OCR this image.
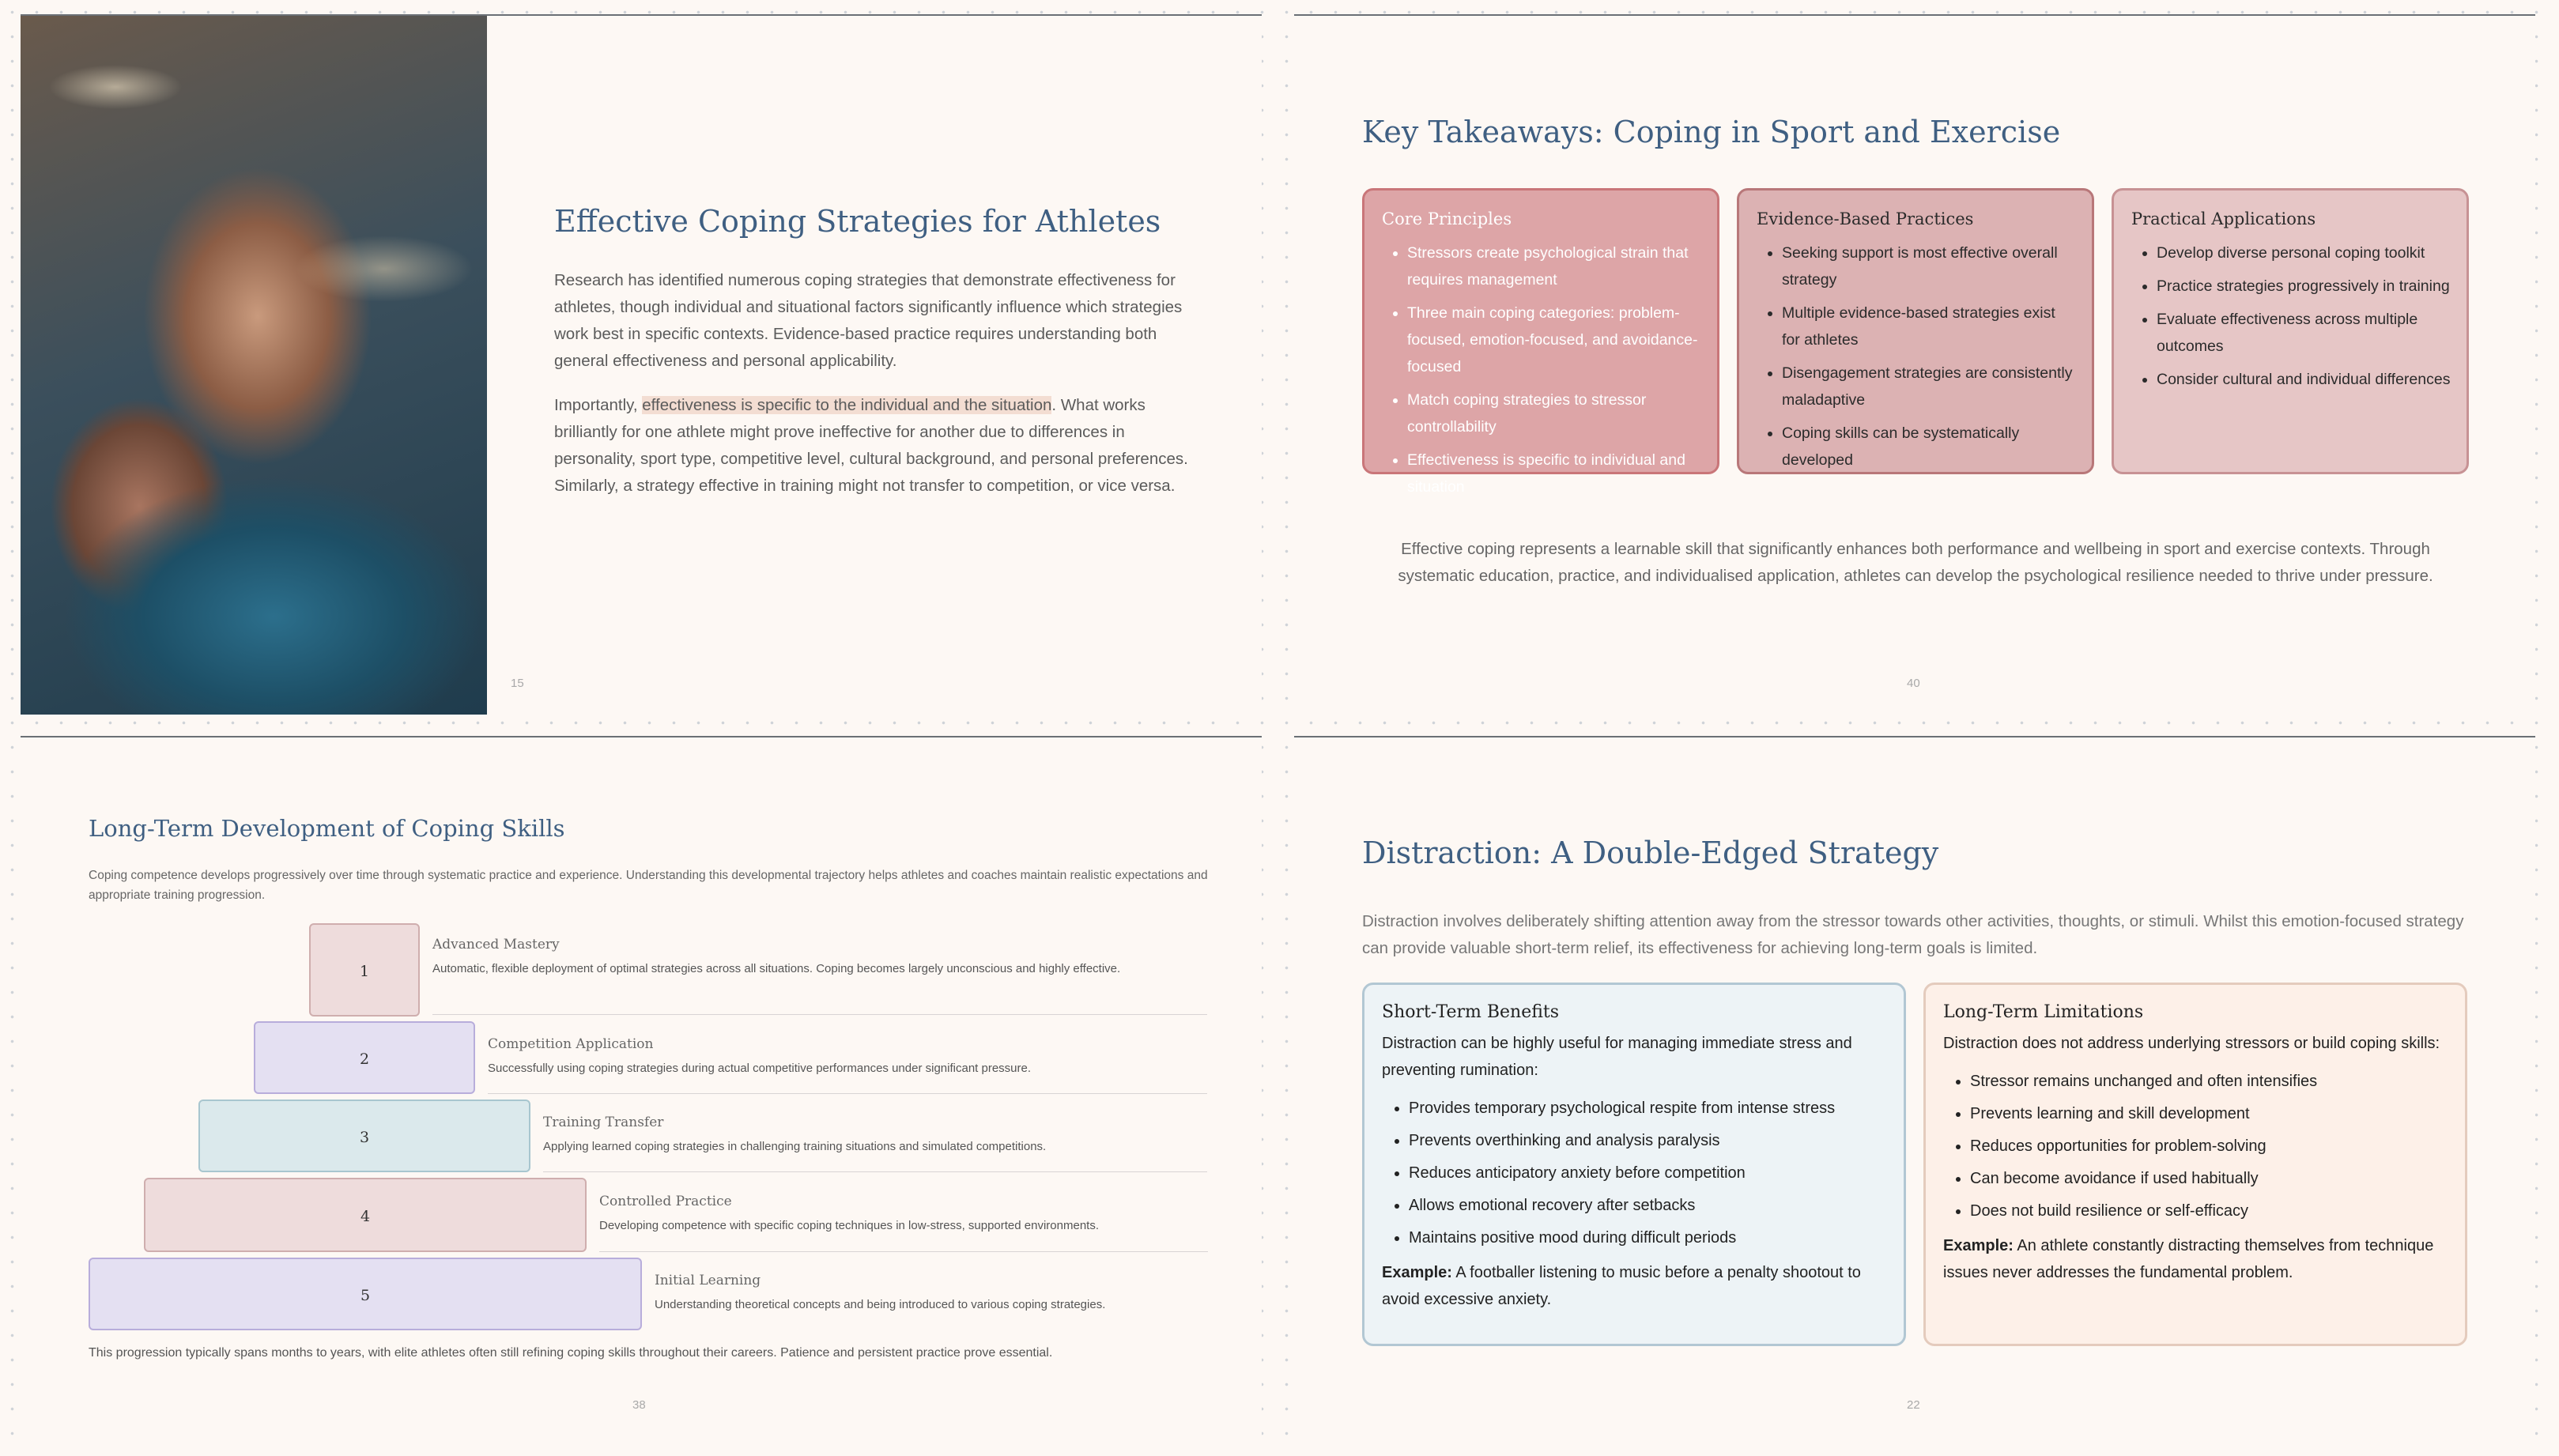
Effective Coping Strategies for Athletes

Research has identified numerous coping strategies that demonstrate effectiveness for athletes, though individual and situational factors significantly influence which strategies work best in specific contexts. Evidence-based practice requires understanding both general effectiveness and personal applicability.

Importantly, effectiveness is specific to the individual and the situation. What works brilliantly for one athlete might prove ineffective for another due to differences in personality, sport type, competitive level, cultural background, and personal preferences. Similarly, a strategy effective in training might not transfer to competition, or vice versa.

15
Key Takeaways: Coping in Sport and Exercise
Core Principles
• Stressors create psychological strain that requires management
• Three main coping categories: problem-focused, emotion-focused, and avoidance-focused
• Match coping strategies to stressor controllability
• Effectiveness is specific to individual and situation
Evidence-Based Practices
• Seeking support is most effective overall strategy
• Multiple evidence-based strategies exist for athletes
• Disengagement strategies are consistently maladaptive
• Coping skills can be systematically developed
Practical Applications
• Develop diverse personal coping toolkit
• Practice strategies progressively in training
• Evaluate effectiveness across multiple outcomes
• Consider cultural and individual differences

Effective coping represents a learnable skill that significantly enhances both performance and wellbeing in sport and exercise contexts. Through systematic education, practice, and individualised application, athletes can develop the psychological resilience needed to thrive under pressure.

40
Long-Term Development of Coping Skills

Coping competence develops progressively over time through systematic practice and experience. Understanding this developmental trajectory helps athletes and coaches maintain realistic expectations and appropriate training progression.

1
Advanced Mastery
Automatic, flexible deployment of optimal strategies across all situations. Coping becomes largely unconscious and highly effective.
2
Competition Application
Successfully using coping strategies during actual competitive performances under significant pressure.
3
Training Transfer
Applying learned coping strategies in challenging training situations and simulated competitions.
4
Controlled Practice
Developing competence with specific coping techniques in low-stress, supported environments.
5
Initial Learning
Understanding theoretical concepts and being introduced to various coping strategies.

This progression typically spans months to years, with elite athletes often still refining coping skills throughout their careers. Patience and persistent practice prove essential.

38
Distraction: A Double-Edged Strategy

Distraction involves deliberately shifting attention away from the stressor towards other activities, thoughts, or stimuli. Whilst this emotion-focused strategy can provide valuable short-term relief, its effectiveness for achieving long-term goals is limited.

Short-Term Benefits

Distraction can be highly useful for managing immediate stress and preventing rumination:

• Provides temporary psychological respite from intense stress
• Prevents overthinking and analysis paralysis
• Reduces anticipatory anxiety before competition
• Allows emotional recovery after setbacks
• Maintains positive mood during difficult periods
Example: A footballer listening to music before a penalty shootout to avoid excessive anxiety.
Long-Term Limitations

Distraction does not address underlying stressors or build coping skills:

• Stressor remains unchanged and often intensifies
• Prevents learning and skill development
• Reduces opportunities for problem-solving
• Can become avoidance if used habitually
• Does not build resilience or self-efficacy
Example: An athlete constantly distracting themselves from technique issues never addresses the fundamental problem.
22
